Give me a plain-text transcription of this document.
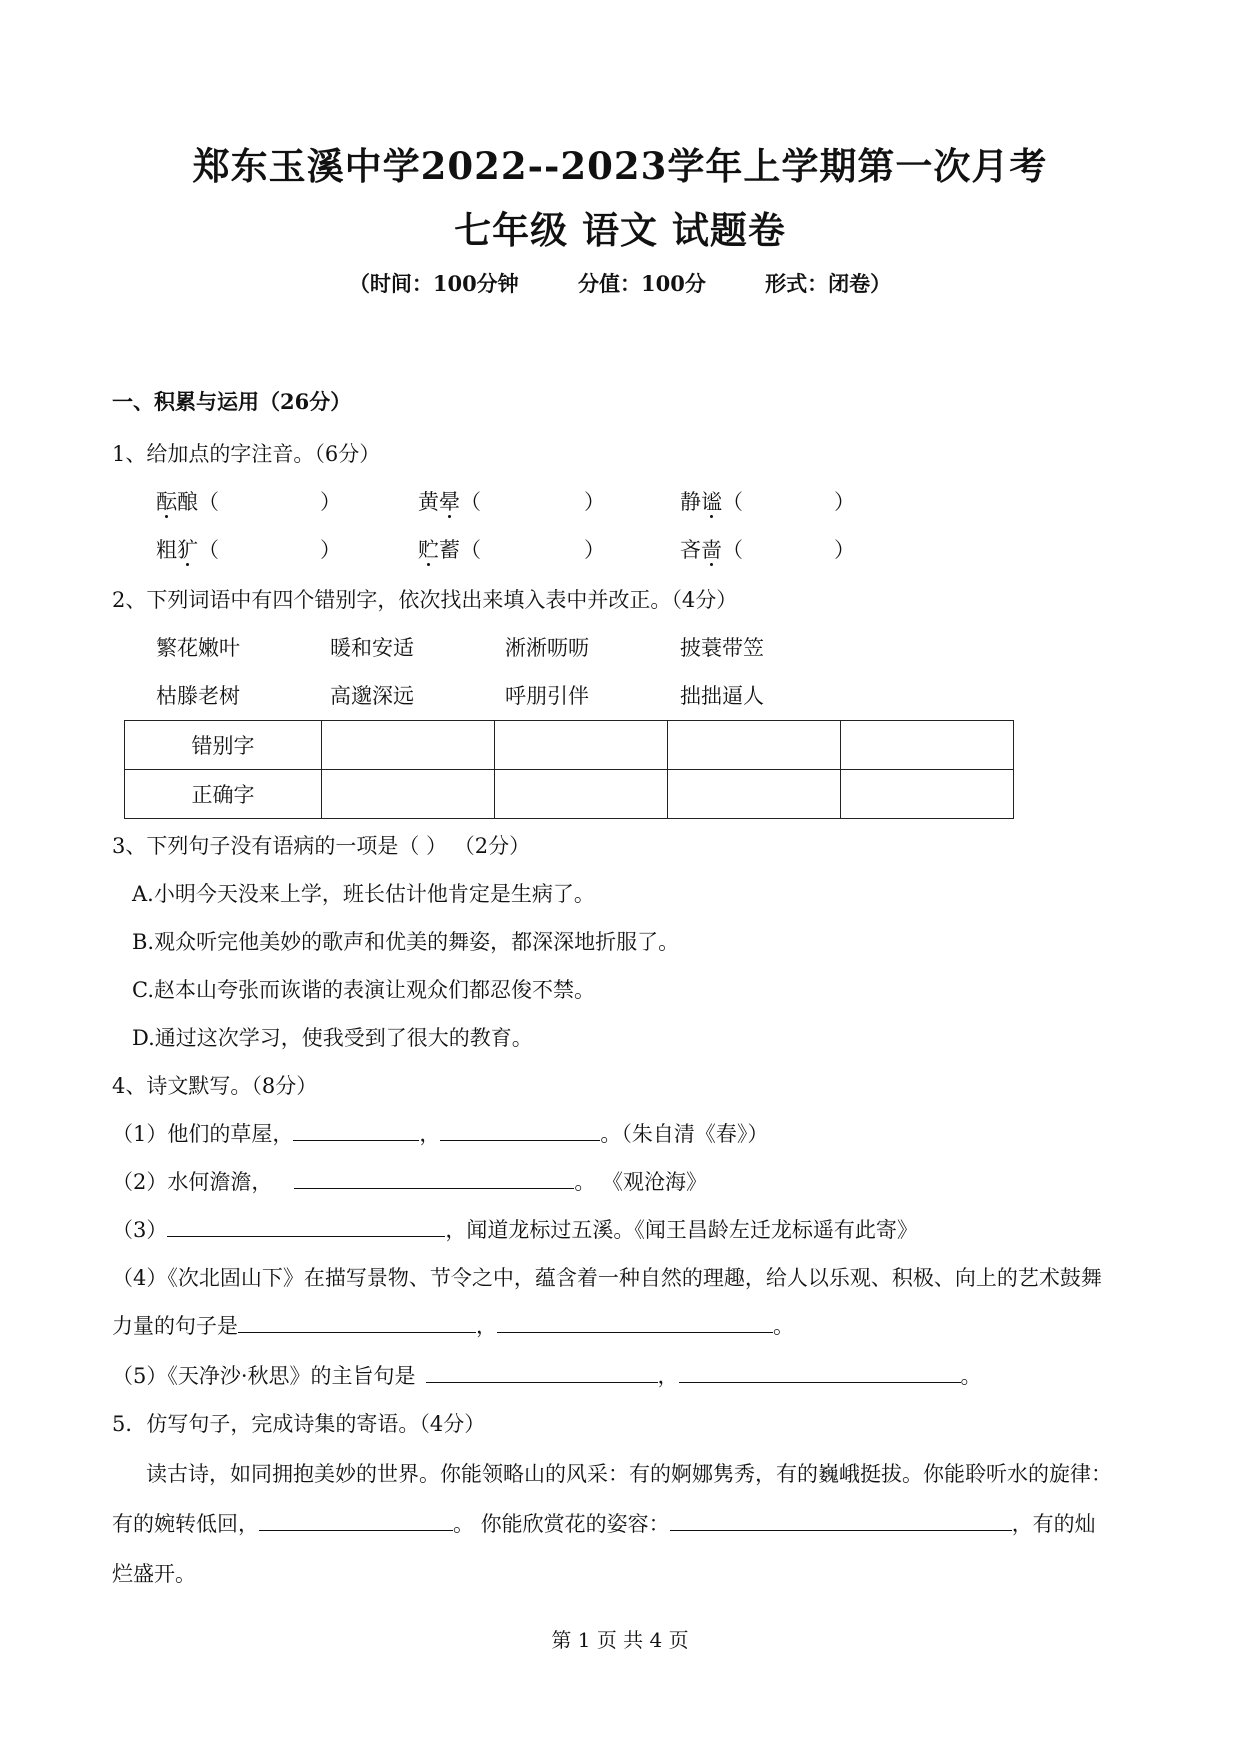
郑东玉溪中学2022--2023学年上学期第一次月考
七年级 语文 试题卷
（时间：100分钟	分值：100分	形式：闭卷）
一、积累与运用（26分）
1、给加点的字注音。（6分）
酝酿（	）	黄晕（	）	静谧（	）
粗犷（	）	贮蓄（	）	吝啬（	）
2、下列词语中有四个错别字，依次找出来填入表中并改正。（4分）
繁花嫩叶	暖和安适	淅淅呖呖	披蓑带笠
枯滕老树	高邈深远	呼朋引伴	拙拙逼人
错别字				
正确字				
3、下列句子没有语病的一项是（ ） （2分）
A.小明今天没来上学，班长估计他肯定是生病了。
B.观众听完他美妙的歌声和优美的舞姿，都深深地折服了。
C.赵本山夸张而诙谐的表演让观众们都忍俊不禁。
D.通过这次学习，使我受到了很大的教育。
4、诗文默写。（8分）
（1）他们的草屋，	，	。（朱自清《春》）
（2）水何澹澹，	。 《观沧海》
（3）	，闻道龙标过五溪。《闻王昌龄左迁龙标遥有此寄》
（4）《次北固山下》在描写景物、节令之中，蕴含着一种自然的理趣，给人以乐观、积极、向上的艺术鼓舞
力量的句子是	，	。
（5）《天净沙·秋思》的主旨句是	，	。
5．仿写句子，完成诗集的寄语。（4分）
读古诗，如同拥抱美妙的世界。你能领略山的风采：有的婀娜隽秀，有的巍峨挺拔。你能聆听水的旋律：
有的婉转低回，	。 你能欣赏花的姿容：	，有的灿
烂盛开。
第 1 页 共 4 页
